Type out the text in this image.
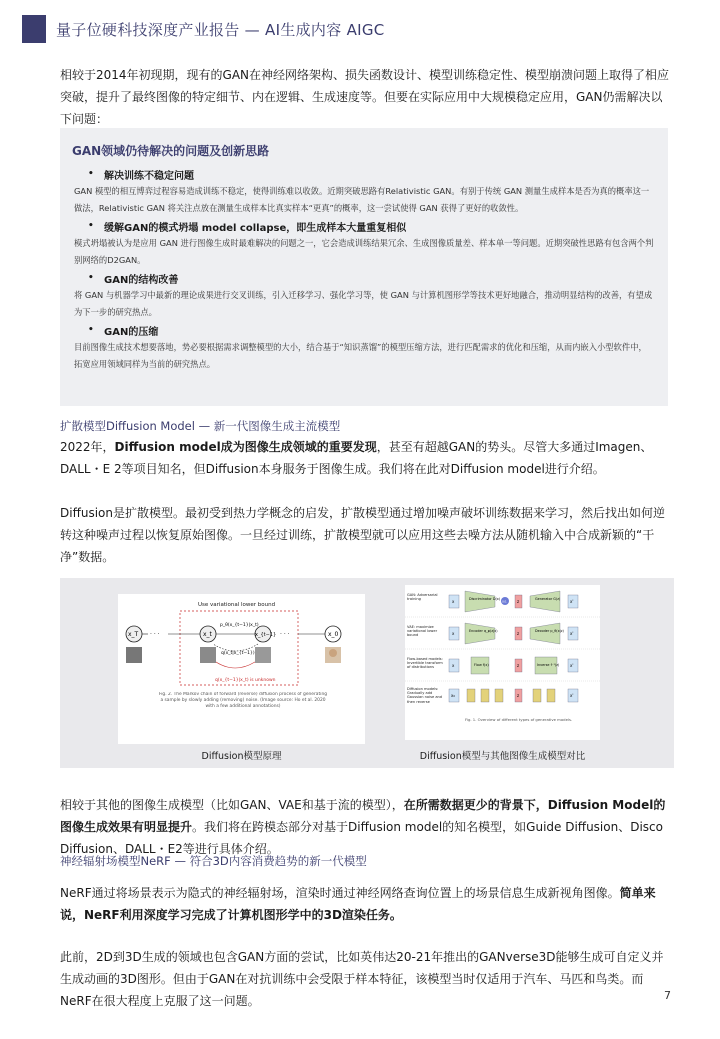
量子位硬科技深度产业报告 — AI生成内容 AIGC
相较于2014年初现期，现有的GAN在神经网络架构、损失函数设计、模型训练稳定性、模型崩溃问题上取得了相应突破，提升了最终图像的特定细节、内在逻辑、生成速度等。但要在实际应用中大规模稳定应用，GAN仍需解决以下问题：
GAN领域仍待解决的问题及创新思路
•	解决训练不稳定问题
GAN 模型的相互博弈过程容易造成训练不稳定，使得训练难以收敛。近期突破思路有Relativistic GAN。有别于传统 GAN 测量生成样本是否为真的概率这一做法，Relativistic GAN 将关注点放在测量生成样本比真实样本“更真”的概率，这一尝试使得 GAN 获得了更好的收敛性。
•	缓解GAN的模式坍塌 model collapse，即生成样本大量重复相似
模式坍塌被认为是应用 GAN 进行图像生成时最难解决的问题之一，它会造成训练结果冗余、生成图像质量差、样本单一等问题。近期突破性思路有包含两个判别网络的D2GAN。
•	GAN的结构改善
将 GAN 与机器学习中最新的理论成果进行交叉训练，引入迁移学习、强化学习等，使 GAN 与计算机图形学等技术更好地融合，推动明显结构的改善，有望成为下一步的研究热点。
•	GAN的压缩
目前图像生成技术想要落地，势必要根据需求调整模型的大小，结合基于“知识蒸馏”的模型压缩方法，进行匹配需求的优化和压缩，从而内嵌入小型软件中，拓宽应用领域同样为当前的研究热点。
扩散模型Diffusion Model — 新一代图像生成主流模型
2022年，Diffusion model成为图像生成领域的重要发现，甚至有超越GAN的势头。尽管大多通过Imagen、DALL・E 2等项目知名，但Diffusion本身服务于图像生成。我们将在此对Diffusion model进行介绍。
Diffusion是扩散模型。最初受到热力学概念的启发，扩散模型通过增加噪声破坏训练数据来学习，然后找出如何逆转这种噪声过程以恢复原始图像。一旦经过训练，扩散模型就可以应用这些去噪方法从随机输入中合成新颖的“干净”数据。
Use variational lower bound
x_T · · ·	x_t	x_{t−1} · · ·	x_0
p_θ(x_{t−1}|x_t)
q(x_t|x_{t−1})
q(x_{t−1}|x_t) is unknown
Fig. 2. The Markov chain of forward (reverse) diffusion process of generating a sample by slowly adding (removing) noise. (Image source: Ho et al. 2020 with a few additional annotations)
Diffusion模型原理
GAN: Adversarial training	x	Discriminator D(x)
0/1	z	Generator G(z) x'
VAE: maximize variational lower bound	x	Encoder q_φ(z|x)	z	Decoder p_θ(x|z) x'
Flow-based models: Invertible transform of distributions	x	Flow f(x)	z	Inverse f⁻¹(z)	x'
Diffusion models: Gradually add Gaussian noise and then reverse
x₀	z	x'
Fig. 1. Overview of different types of generative models.
Diffusion模型与其他图像生成模型对比
相较于其他的图像生成模型（比如GAN、VAE和基于流的模型），在所需数据更少的背景下，Diffusion Model的图像生成效果有明显提升。我们将在跨模态部分对基于Diffusion model的知名模型，如Guide Diffusion、Disco Diffusion、DALL・E2等进行具体介绍。
神经辐射场模型NeRF — 符合3D内容消费趋势的新一代模型
NeRF通过将场景表示为隐式的神经辐射场，渲染时通过神经网络查询位置上的场景信息生成新视角图像。简单来说，NeRF利用深度学习完成了计算机图形学中的3D渲染任务。
此前，2D到3D生成的领域也包含GAN方面的尝试，比如英伟达20-21年推出的GANverse3D能够生成可自定义并生成动画的3D图形。但由于GAN在对抗训练中会受限于样本特征，该模型当时仅适用于汽车、马匹和鸟类。而NeRF在很大程度上克服了这一问题。	7
